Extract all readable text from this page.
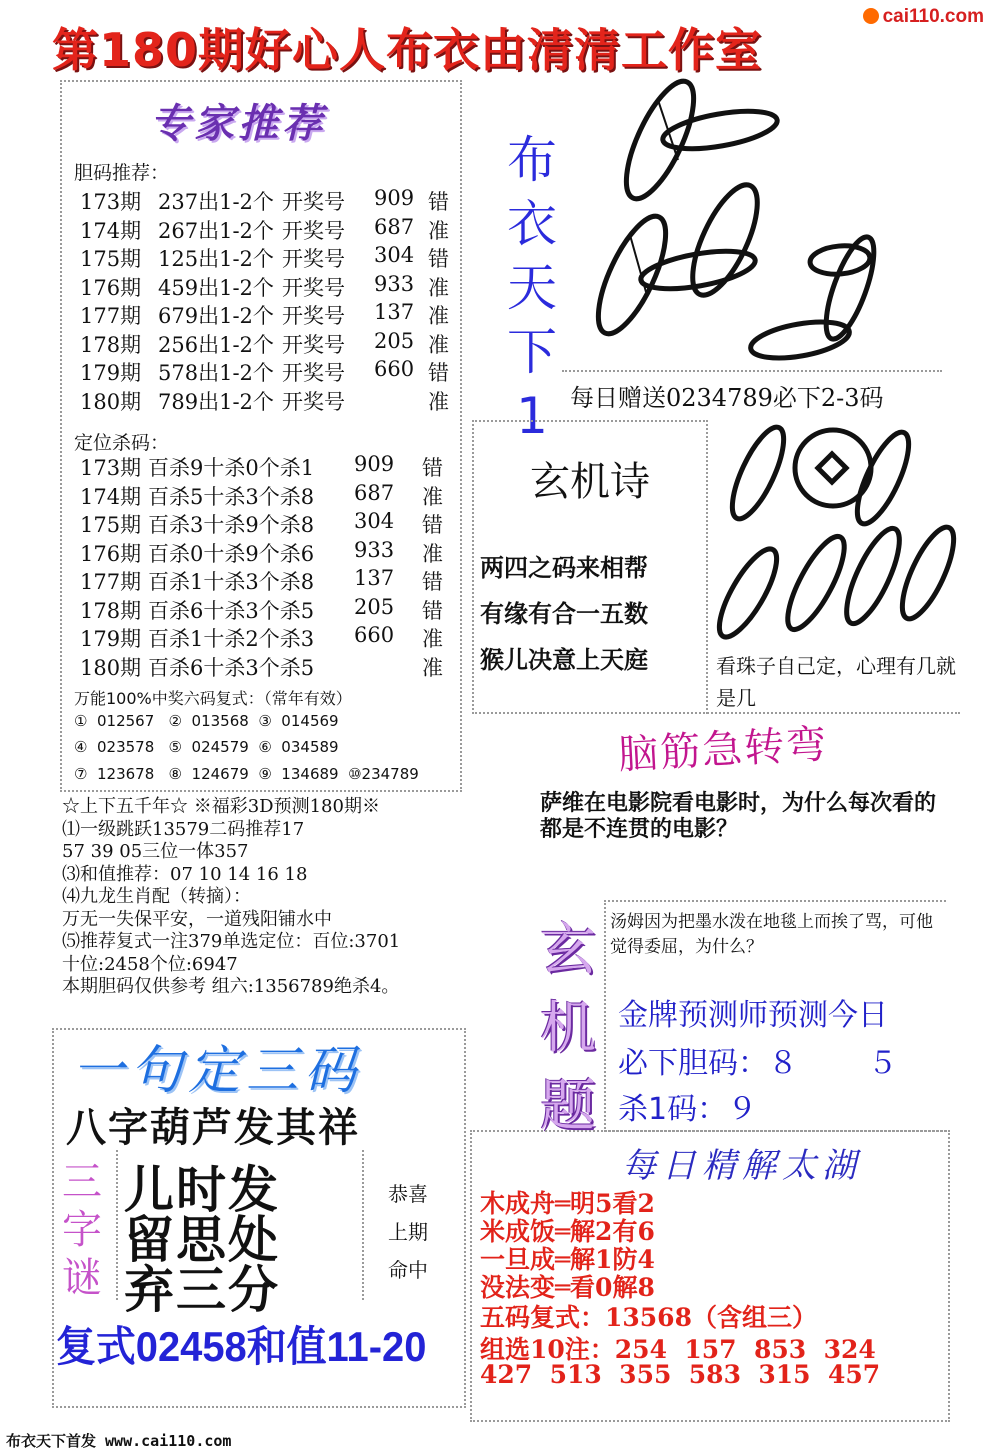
第180期好心人布衣由清清工作室
cai110.com
专家推荐
胆码推荐：
173期 237出1-2个 开奖号 909 错
174期 267出1-2个 开奖号 687 准
175期 125出1-2个 开奖号 304 错
176期 459出1-2个 开奖号 933 准
177期 679出1-2个 开奖号 137 准
178期 256出1-2个 开奖号 205 准
179期 578出1-2个 开奖号 660 错
180期 789出1-2个 开奖号	准
定位杀码：
173期 百杀9十杀0个杀1 909 错
174期 百杀5十杀3个杀8 687 准
175期 百杀3十杀9个杀8 304 错
176期 百杀0十杀9个杀6 933 准
177期 百杀1十杀3个杀8 137 错
178期 百杀6十杀3个杀5 205 错
179期 百杀1十杀2个杀3 660 准
180期 百杀6十杀3个杀5	准
万能100%中奖六码复式：（常年有效）
①  012567   ②  013568  ③  014569
④  023578   ⑤  024579  ⑥  034589
⑦  123678   ⑧  124679  ⑨  134689  ⑩234789
☆上下五千年☆ ※福彩3D预测180期※
⑴一级跳跃13579二码推荐17
57 39 05三位一体357
⑶和值推荐：07 10 14 16 18
⑷九龙生肖配（转摘）：
万无一失保平安，一道残阳铺水中
⑸推荐复式一注379单选定位：百位:3701
十位:2458个位:6947
本期胆码仅供参考 组六:1356789绝杀4。
布
衣
天
下
1 每日赠送0234789必下2-3码
玄机诗
两四之码来相帮
有缘有合一五数
猴儿决意上天庭	看珠子自己定，心理有几就是几
脑筋急转弯
萨维在电影院看电影时，为什么每次看的都是不连贯的电影？
玄
机
题
汤姆因为把墨水泼在地毯上而挨了骂，可他觉得委屈，为什么？
金牌预测师预测今日
必下胆码：８　　 ５
杀1码：９
每日精解太湖
木成舟═明5看2
米成饭═解2有6
一旦成═解1防4
没法变═看0解8
五码复式：13568（含组三）
组选10注：254  157  853  324
427  513  355  583  315  457
一句定三码
八字葫芦发其祥
三
字
谜
儿时发
留思处
弃三分
恭喜
上期
命中
复式02458和值11-20
布衣天下首发 www.cai110.com
